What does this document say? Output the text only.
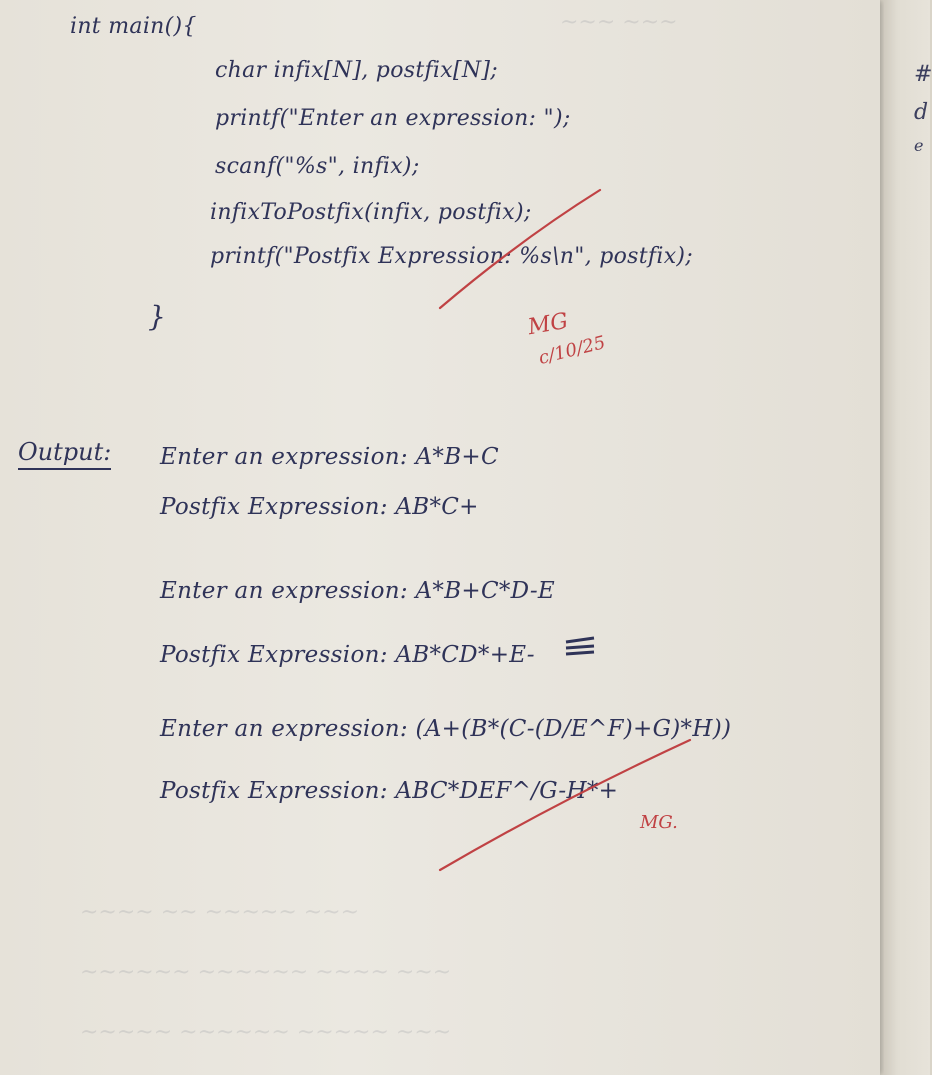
~~~ ~~~
~~~~ ~~ ~~~~~ ~~~
~~~~~~ ~~~~~~ ~~~~ ~~~
~~~~~ ~~~~~~ ~~~~~ ~~~
int main(){
char infix[N], postfix[N];
printf("Enter an expression: ");
scanf("%s", infix);
infixToPostfix(infix, postfix);
printf("Postfix Expression: %s\n", postfix);
}
Output: Enter an expression: A*B+C
Postfix Expression: AB*C+
Enter an expression: A*B+C*D-E
Postfix Expression: AB*CD*+E-
Enter an expression: (A+(B*(C-(D/E^F)+G)*H))
Postfix Expression: ABC*DEF^/G-H*+
MG
c/10/25
MG.
#
d
e
